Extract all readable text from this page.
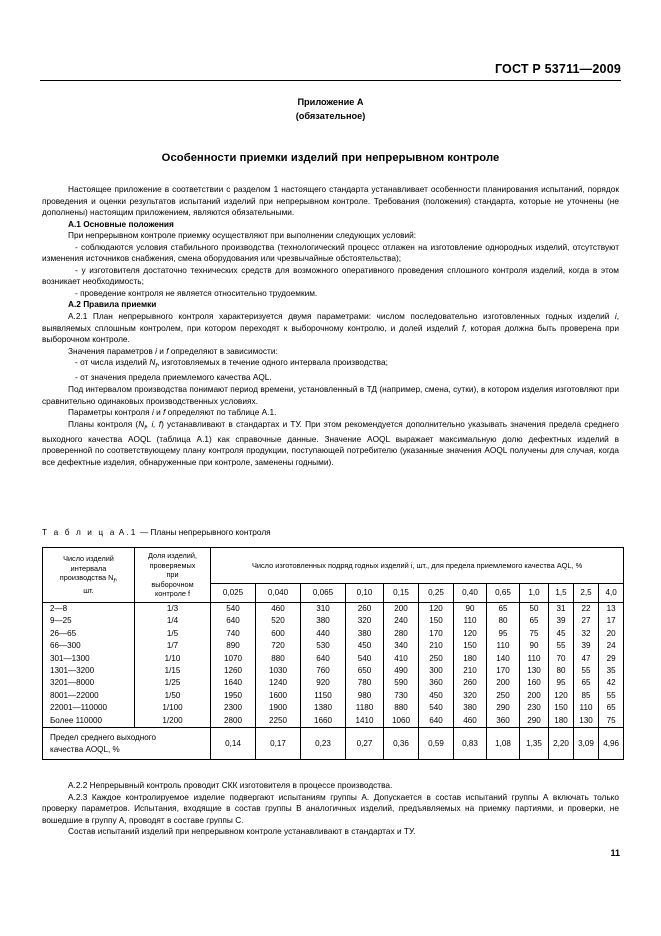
ГОСТ Р 53711—2009
Приложение А
(обязательное)
Особенности приемки изделий при непрерывном контроле

Настоящее приложение в соответствии с разделом 1 настоящего стандарта устанавливает особенности планирования испытаний, порядок проведения и оценки результатов испытаний изделий при непрерывном контроле. Требования (положения) стандарта, которые не уточнены (не дополнены) настоящим приложением, являются обязательными.

А.1 Основные положения

При непрерывном контроле приемку осуществляют при выполнении следующих условий:

- соблюдаются условия стабильного производства (технологический процесс отлажен на изготовление однородных изделий, отсутствуют изменения источников снабжения, смена оборудования или чрезвычайные обстоятельства);

- у изготовителя достаточно технических средств для возможного оперативного проведения сплошного контроля изделий, когда в этом возникает необходимость;

- проведение контроля не является относительно трудоемким.

А.2 Правила приемки

А.2.1 План непрерывного контроля характеризуется двумя параметрами: числом последовательно изготовленных годных изделий i, выявляемых сплошным контролем, при котором переходят к выборочному контролю, и долей изделий f, которая должна быть проверена при выборочном контроле.

Значения параметров i и f определяют в зависимости:

- от числа изделий $N_f$, изготовляемых в течение одного интервала производства;

- от значения предела приемлемого качества AQL.

Под интервалом производства понимают период времени, установленный в ТД (например, смена, сутки), в котором изделия изготовляют при сравнительно одинаковых производственных условиях.

Параметры контроля i и f определяют по таблице А.1.

Планы контроля ($N_f$, i, f) устанавливают в стандартах и ТУ. При этом рекомендуется дополнительно указывать значения предела среднего выходного качества AOQL (таблица А.1) как справочные данные. Значение AOQL выражает максимальную долю дефектных изделий в проверенной по соответствующему плану контроля продукции, поступающей потребителю (указанные значения AOQL получены для случая, когда все дефектные изделия, обнаруженные при контроле, заменены годными).

Т а б л и ц а А.1 — Планы непрерывного контроля
Число изделий
интервала
производства Nf,
шт.

Доля изделий,
проверяемых
при
выборочном
контроле f
	Число изготовленных подряд годных изделий i, шт., для предела приемлемого качества AQL, %
		0,025	0,040	0,065	0,10	0,15	0,25	0,40	0,65	1,0	1,5	2,5	4,0
2—8	1/3	540	460	310	260	200	120	90	65	50	31	22	13
9—25	1/4	640	520	380	320	240	150	110	80	65	39	27	17
26—65	1/5	740	600	440	380	280	170	120	95	75	45	32	20
66—300	1/7	890	720	530	450	340	210	150	110	90	55	39	24
301—1300	1/10	1070	880	640	540	410	250	180	140	110	70	47	29
1301—3200	1/15	1260	1030	760	650	490	300	210	170	130	80	55	35
3201—8000	1/25	1640	1240	920	780	590	360	260	200	160	95	65	42
8001—22000	1/50	1950	1600	1150	980	730	450	320	250	200	120	85	55
22001—110000	1/100	2300	1900	1380	1180	880	540	380	290	230	150	110	65
Более 110000	1/200	2800	2250	1660	1410	1060	640	460	360	290	180	130	75

Предел среднего выходного
качества AOQL, %		0,14	0,17	0,23	0,27	0,36	0,59	0,83	1,08	1,35	2,20	3,09	4,96

А.2.2 Непрерывный контроль проводит СКК изготовителя в процессе производства.

А.2.3 Каждое контролируемое изделие подвергают испытаниям группы А. Допускается в состав испытаний группы А включать только проверку параметров. Испытания, входящие в состав группы В аналогичных изделий, предъявляемых на приемку партиями, и проверки, не вошедшие в группу А, проводят в составе группы С.

Состав испытаний изделий при непрерывном контроле устанавливают в стандартах и ТУ.

11
